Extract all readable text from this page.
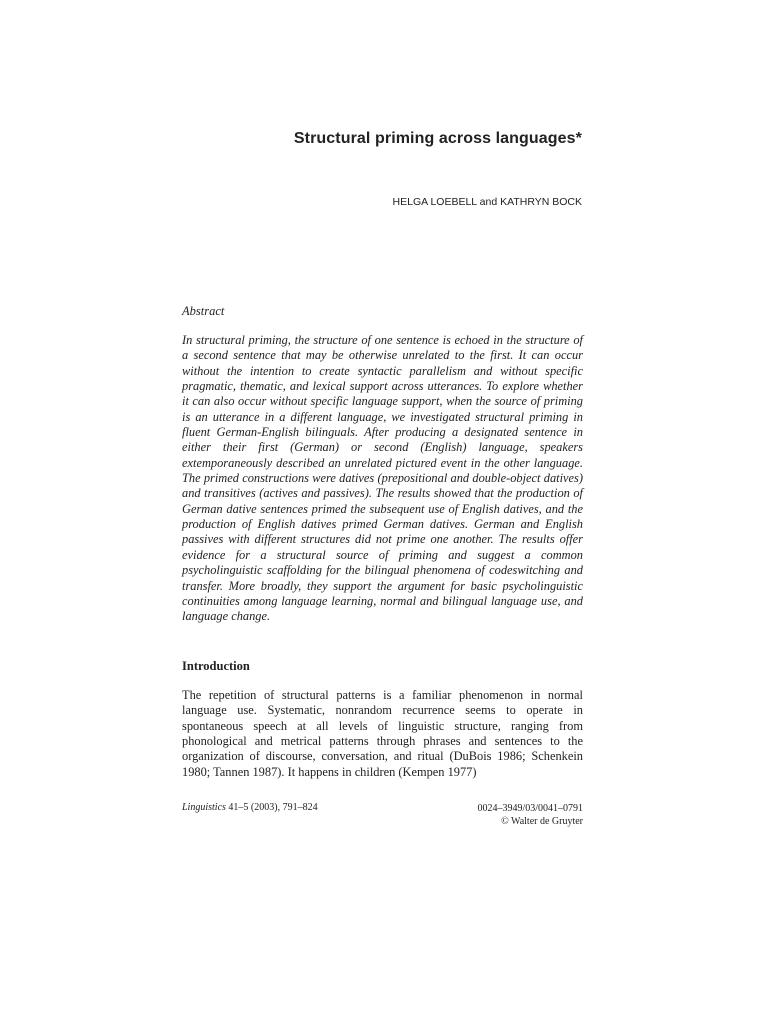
Structural priming across languages*
HELGA LOEBELL and KATHRYN BOCK
Abstract

In structural priming, the structure of one sentence is echoed in the structure of a second sentence that may be otherwise unrelated to the first. It can occur without the intention to create syntactic parallelism and without specific pragmatic, thematic, and lexical support across utterances. To explore whether it can also occur without specific language support, when the source of priming is an utterance in a different language, we investigated structural priming in fluent German-English bilinguals. After producing a designated sentence in either their first (German) or second (English) language, speakers extemporaneously described an unrelated pictured event in the other language. The primed constructions were datives (prepositional and double-object datives) and transitives (actives and passives). The results showed that the production of German dative sentences primed the subsequent use of English datives, and the production of English datives primed German datives. German and English passives with different structures did not prime one another. The results offer evidence for a structural source of priming and suggest a common psycholinguistic scaffolding for the bilingual phenomena of codeswitching and transfer. More broadly, they support the argument for basic psycholinguistic continuities among language learning, normal and bilingual language use, and language change.

Introduction

The repetition of structural patterns is a familiar phenomenon in normal language use. Systematic, nonrandom recurrence seems to operate in spontaneous speech at all levels of linguistic structure, ranging from phonological and metrical patterns through phrases and sentences to the organization of discourse, conversation, and ritual (DuBois 1986; Schenkein 1980; Tannen 1987). It happens in children (Kempen 1977)

Linguistics 41–5 (2003), 791–824	0024–3949/03/0041–0791
© Walter de Gruyter
